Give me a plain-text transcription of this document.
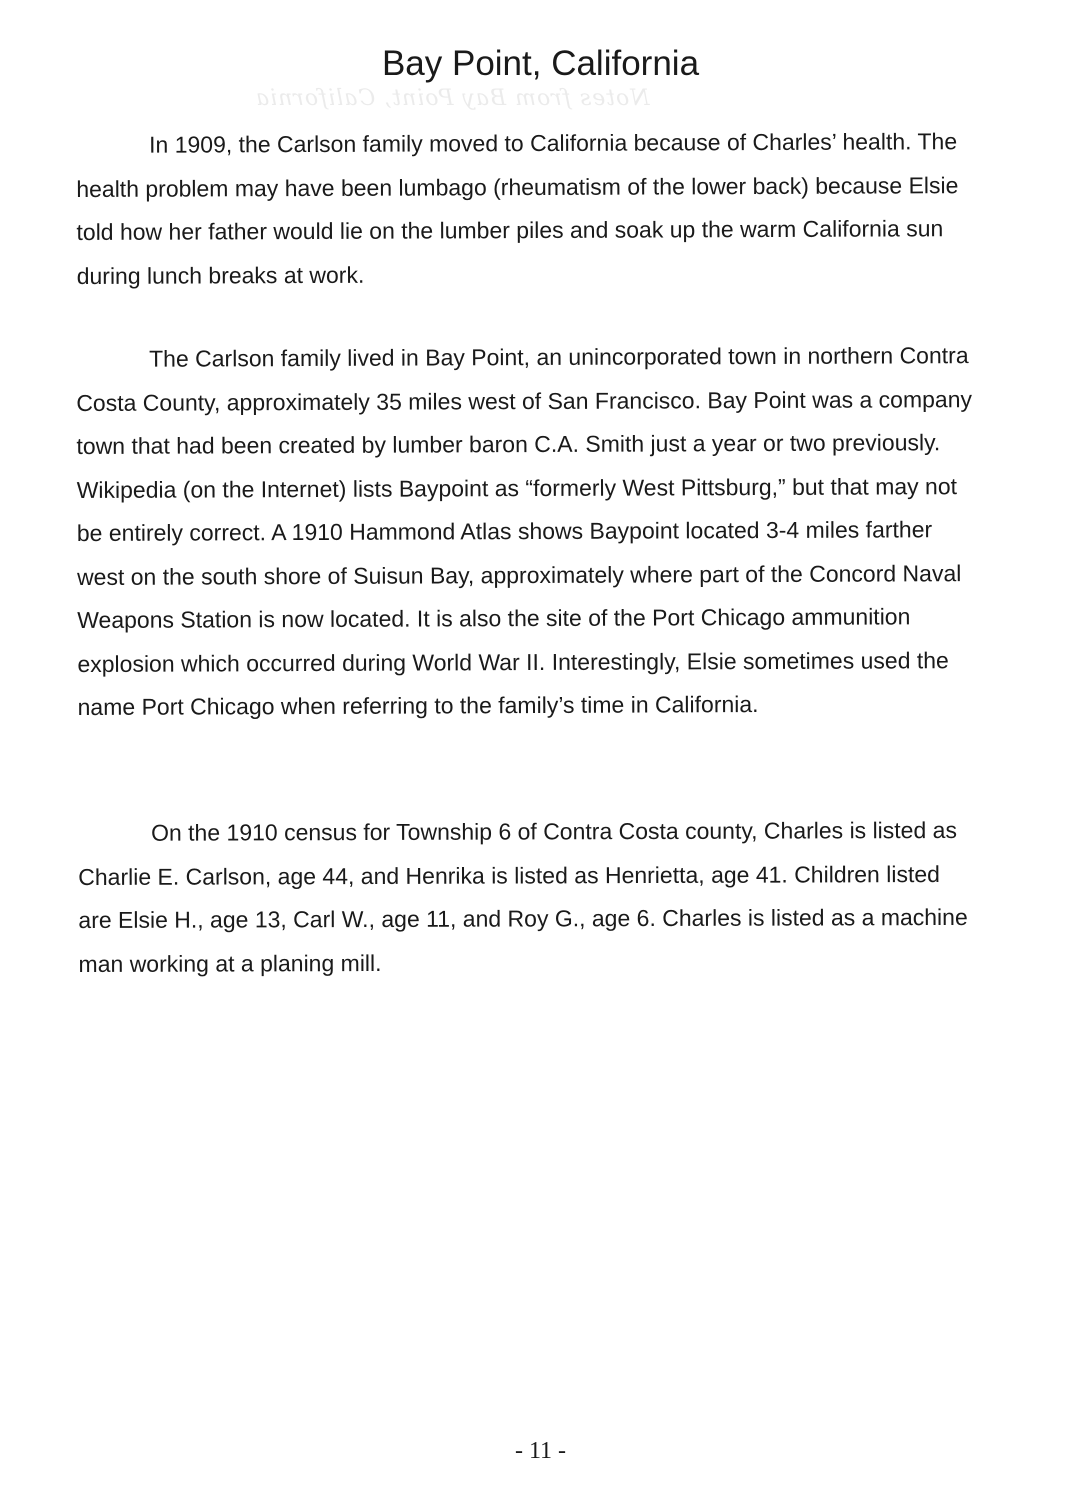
Notes from Bay Point, California
Bay Point, California

In 1909, the Carlson family moved to California because of Charles’ health. The health problem may have been lumbago (rheumatism of the lower back) because Elsie told how her father would lie on the lumber piles and soak up the warm California sun during lunch breaks at work.

The Carlson family lived in Bay Point, an unincorporated town in northern Contra Costa County, approximately 35 miles west of San Francisco. Bay Point was a company town that had been created by lumber baron C.A. Smith just a year or two previously. Wikipedia (on the Internet) lists Baypoint as “formerly West Pittsburg,” but that may not be entirely correct. A 1910 Hammond Atlas shows Baypoint located 3-4 miles farther west on the south shore of Suisun Bay, approximately where part of the Concord Naval Weapons Station is now located. It is also the site of the Port Chicago ammunition explosion which occurred during World War II. Interestingly, Elsie sometimes used the name Port Chicago when referring to the family’s time in California.

On the 1910 census for Township 6 of Contra Costa county, Charles is listed as Charlie E. Carlson, age 44, and Henrika is listed as Henrietta, age 41. Children listed are Elsie H., age 13, Carl W., age 11, and Roy G., age 6. Charles is listed as a machine man working at a planing mill.

- 11 -
